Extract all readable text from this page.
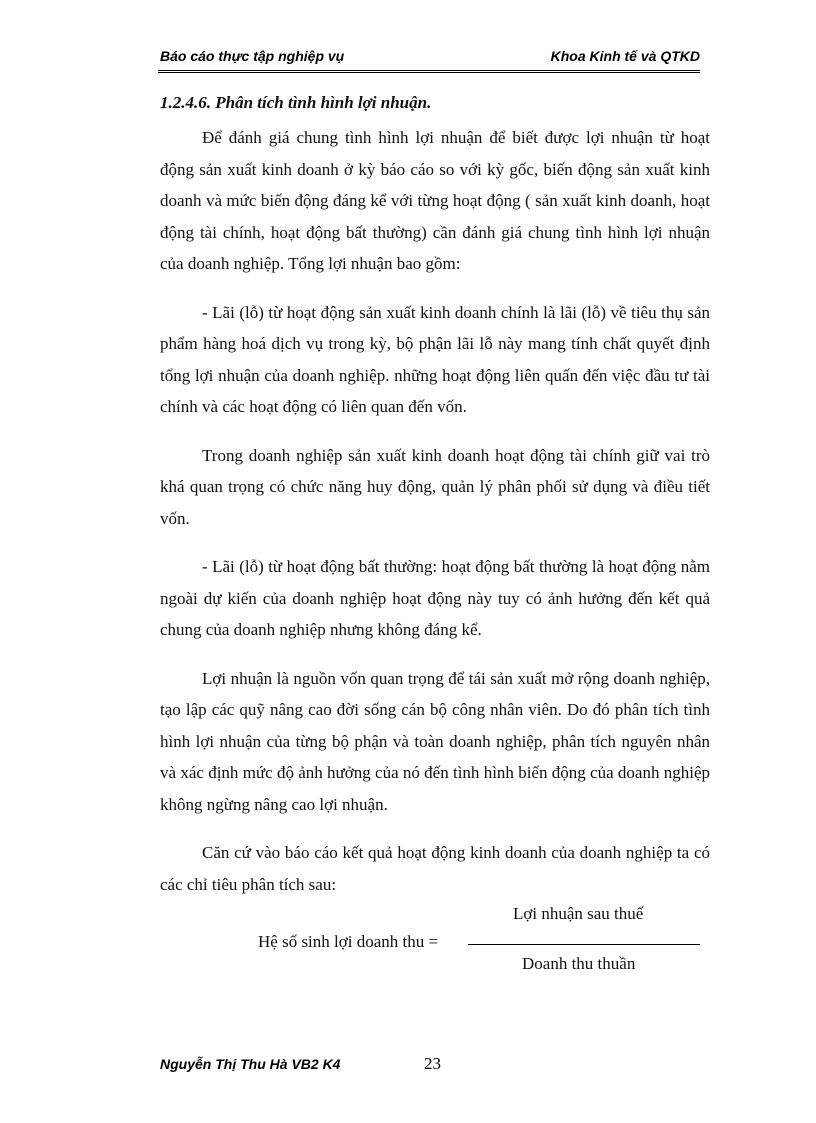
Báo cáo thực tập nghiệp vụ	Khoa Kinh tế và QTKD

1.2.4.6. Phân tích tình hình lợi nhuận.

Để đánh giá chung tình hình lợi nhuận để biết được lợi nhuận từ hoạt động sản xuất kinh doanh ở kỳ báo cáo so với kỳ gốc, biến động sản xuất kinh doanh và mức biến động đáng kể với từng hoạt động ( sản xuất kinh doanh, hoạt động tài chính, hoạt động bất thường) cần đánh giá chung tình hình lợi nhuận của doanh nghiệp. Tổng lợi nhuận bao gồm:

- Lãi (lỗ) từ hoạt động sản xuất kinh doanh chính là lãi (lỗ) về tiêu thụ sản phẩm hàng hoá dịch vụ trong kỳ, bộ phận lãi lỗ này mang tính chất quyết định tổng lợi nhuận của doanh nghiệp. những hoạt động liên quấn đến việc đầu tư tài chính và các hoạt động có liên quan đến vốn.

Trong doanh nghiệp sản xuất kinh doanh hoạt động tài chính giữ vai trò khá quan trọng có chức năng huy động, quản lý phân phối sử dụng và điều tiết vốn.

- Lãi (lỗ) từ hoạt động bất thường: hoạt động bất thường là hoạt động nằm ngoài dự kiến của doanh nghiệp hoạt động này tuy có ảnh hưởng đến kết quả chung của doanh nghiệp nhưng không đáng kể.

Lợi nhuận là nguồn vốn quan trọng để tái sản xuất mở rộng doanh nghiệp, tạo lập các quỹ nâng cao đời sống cán bộ công nhân viên. Do đó phân tích tình hình lợi nhuận của từng bộ phận và toàn doanh nghiệp, phân tích nguyên nhân và xác định mức độ ảnh hưởng của nó đến tình hình biến động của doanh nghiệp không ngừng nâng cao lợi nhuận.

Căn cứ vào báo cáo kết quả hoạt động kinh doanh của doanh nghiệp ta có các chỉ tiêu phân tích sau:

Hệ số sinh lợi doanh thu =
Lợi nhuận sau thuế
Doanh thu thuần
Nguyễn Thị Thu Hà VB2 K4	23
